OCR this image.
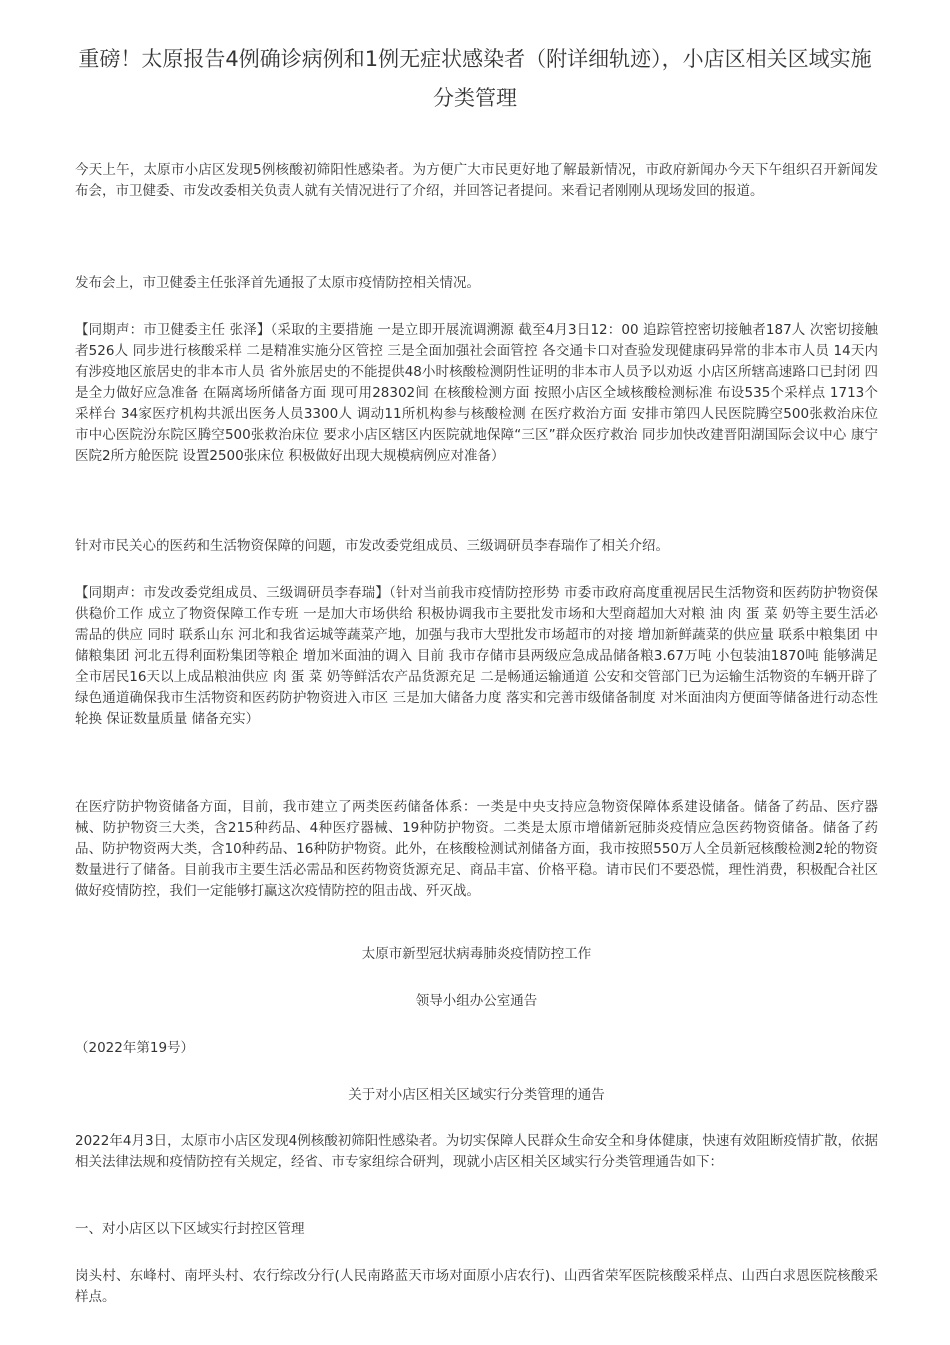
重磅！太原报告4例确诊病例和1例无症状感染者（附详细轨迹），小店区相关区域实施分类管理

今天上午，太原市小店区发现5例核酸初筛阳性感染者。为方便广大市民更好地了解最新情况，市政府新闻办今天下午组织召开新闻发布会，市卫健委、市发改委相关负责人就有关情况进行了介绍，并回答记者提问。来看记者刚刚从现场发回的报道。

发布会上，市卫健委主任张泽首先通报了太原市疫情防控相关情况。

【同期声：市卫健委主任 张泽】（采取的主要措施 一是立即开展流调溯源 截至4月3日12：00 追踪管控密切接触者187人 次密切接触者526人 同步进行核酸采样 二是精准实施分区管控 三是全面加强社会面管控 各交通卡口对查验发现健康码异常的非本市人员 14天内有涉疫地区旅居史的非本市人员 省外旅居史的不能提供48小时核酸检测阴性证明的非本市人员予以劝返 小店区所辖高速路口已封闭 四是全力做好应急准备 在隔离场所储备方面 现可用28302间 在核酸检测方面 按照小店区全域核酸检测标准 布设535个采样点 1713个采样台 34家医疗机构共派出医务人员3300人 调动11所机构参与核酸检测 在医疗救治方面 安排市第四人民医院腾空500张救治床位 市中心医院汾东院区腾空500张救治床位 要求小店区辖区内医院就地保障“三区”群众医疗救治 同步加快改建晋阳湖国际会议中心 康宁医院2所方舱医院 设置2500张床位 积极做好出现大规模病例应对准备）

针对市民关心的医药和生活物资保障的问题，市发改委党组成员、三级调研员李春瑞作了相关介绍。

【同期声：市发改委党组成员、三级调研员李春瑞】（针对当前我市疫情防控形势 市委市政府高度重视居民生活物资和医药防护物资保供稳价工作 成立了物资保障工作专班 一是加大市场供给 积极协调我市主要批发市场和大型商超加大对粮 油 肉 蛋 菜 奶等主要生活必需品的供应 同时 联系山东 河北和我省运城等蔬菜产地，加强与我市大型批发市场超市的对接 增加新鲜蔬菜的供应量 联系中粮集团 中储粮集团 河北五得利面粉集团等粮企 增加米面油的调入 目前 我市存储市县两级应急成品储备粮3.67万吨 小包装油1870吨 能够满足全市居民16天以上成品粮油供应 肉 蛋 菜 奶等鲜活农产品货源充足 二是畅通运输通道 公安和交管部门已为运输生活物资的车辆开辟了绿色通道确保我市生活物资和医药防护物资进入市区 三是加大储备力度 落实和完善市级储备制度 对米面油肉方便面等储备进行动态性轮换 保证数量质量 储备充实）

在医疗防护物资储备方面，目前，我市建立了两类医药储备体系：一类是中央支持应急物资保障体系建设储备。储备了药品、医疗器械、防护物资三大类，含215种药品、4种医疗器械、19种防护物资。二类是太原市增储新冠肺炎疫情应急医药物资储备。储备了药品、防护物资两大类，含10种药品、16种防护物资。此外，在核酸检测试剂储备方面，我市按照550万人全员新冠核酸检测2轮的物资数量进行了储备。目前我市主要生活必需品和医药物资货源充足、商品丰富、价格平稳。请市民们不要恐慌，理性消费，积极配合社区做好疫情防控，我们一定能够打赢这次疫情防控的阻击战、歼灭战。

太原市新型冠状病毒肺炎疫情防控工作

领导小组办公室通告

（2022年第19号）

关于对小店区相关区域实行分类管理的通告

2022年4月3日，太原市小店区发现4例核酸初筛阳性感染者。为切实保障人民群众生命安全和身体健康，快速有效阻断疫情扩散，依据相关法律法规和疫情防控有关规定，经省、市专家组综合研判，现就小店区相关区域实行分类管理通告如下：

一、对小店区以下区域实行封控区管理

岗头村、东峰村、南坪头村、农行综改分行(人民南路蓝天市场对面原小店农行)、山西省荣军医院核酸采样点、山西白求恩医院核酸采样点。
